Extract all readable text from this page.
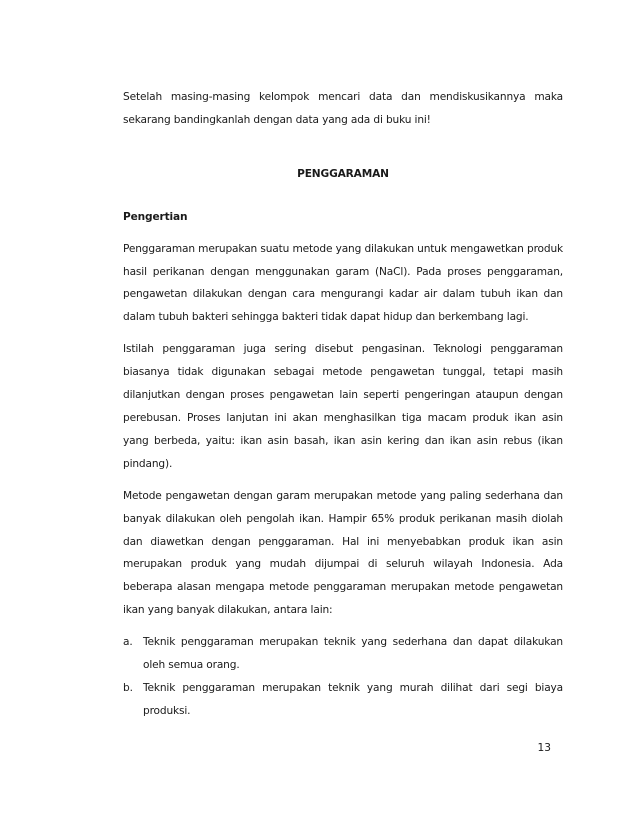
Setelah masing-masing kelompok mencari data dan mendiskusikannya maka sekarang bandingkanlah dengan data yang ada di buku ini!

PENGGARAMAN

Pengertian

Penggaraman merupakan suatu metode yang dilakukan untuk mengawetkan produk hasil perikanan dengan menggunakan garam (NaCl). Pada proses penggaraman, pengawetan dilakukan dengan cara mengurangi kadar air dalam tubuh ikan dan dalam tubuh bakteri sehingga bakteri tidak dapat hidup dan berkembang lagi.

Istilah penggaraman juga sering disebut pengasinan. Teknologi penggaraman biasanya tidak digunakan sebagai metode pengawetan tunggal, tetapi masih dilanjutkan dengan proses pengawetan lain seperti pengeringan ataupun dengan perebusan. Proses lanjutan ini akan menghasilkan tiga macam produk ikan asin yang berbeda, yaitu: ikan asin basah, ikan asin kering dan ikan asin rebus (ikan pindang).

Metode pengawetan dengan garam merupakan metode yang paling sederhana dan banyak dilakukan oleh pengolah ikan. Hampir 65% produk perikanan masih diolah dan diawetkan dengan penggaraman. Hal ini menyebabkan produk ikan asin merupakan produk yang mudah dijumpai di seluruh wilayah Indonesia. Ada beberapa alasan mengapa metode penggaraman merupakan metode pengawetan ikan yang banyak dilakukan, antara lain:

a. Teknik penggaraman merupakan teknik yang sederhana dan dapat dilakukan oleh semua orang.
b. Teknik penggaraman merupakan teknik yang murah dilihat dari segi biaya produksi.
13
